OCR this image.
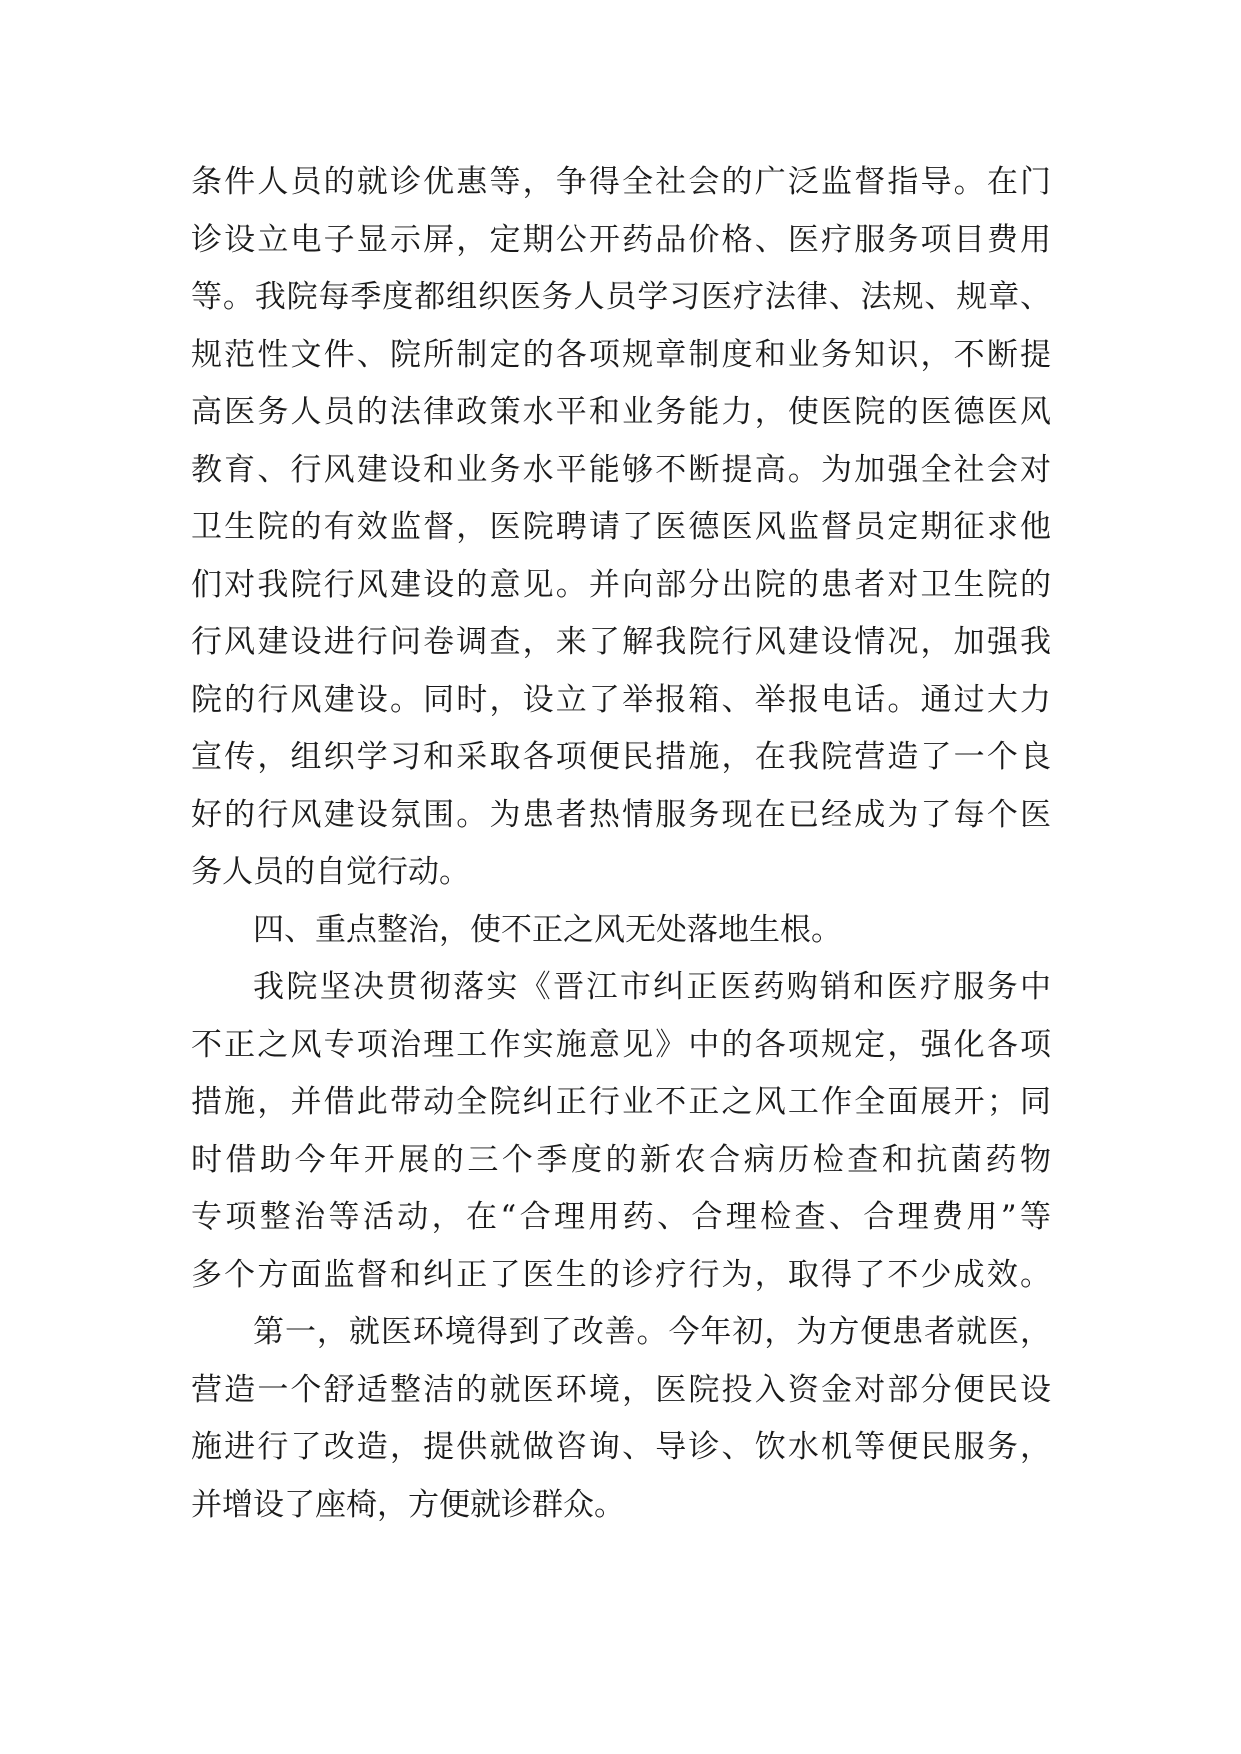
条件人员的就诊优惠等，争得全社会的广泛监督指导。在门
诊设立电子显示屏，定期公开药品价格、医疗服务项目费用
等。我院每季度都组织医务人员学习医疗法律、法规、规章、
规范性文件、院所制定的各项规章制度和业务知识，不断提
高医务人员的法律政策水平和业务能力，使医院的医德医风
教育、行风建设和业务水平能够不断提高。为加强全社会对
卫生院的有效监督，医院聘请了医德医风监督员定期征求他
们对我院行风建设的意见。并向部分出院的患者对卫生院的
行风建设进行问卷调查，来了解我院行风建设情况，加强我
院的行风建设。同时，设立了举报箱、举报电话。通过大力
宣传，组织学习和采取各项便民措施，在我院营造了一个良
好的行风建设氛围。为患者热情服务现在已经成为了每个医
务人员的自觉行动。
四、重点整治，使不正之风无处落地生根。
我院坚决贯彻落实《晋江市纠正医药购销和医疗服务中
不正之风专项治理工作实施意见》中的各项规定，强化各项
措施，并借此带动全院纠正行业不正之风工作全面展开；同
时借助今年开展的三个季度的新农合病历检查和抗菌药物
专项整治等活动，在“合理用药、合理检查、合理费用”等
多个方面监督和纠正了医生的诊疗行为，取得了不少成效。
第一，就医环境得到了改善。今年初，为方便患者就医，
营造一个舒适整洁的就医环境，医院投入资金对部分便民设
施进行了改造，提供就做咨询、导诊、饮水机等便民服务，
并增设了座椅，方便就诊群众。
